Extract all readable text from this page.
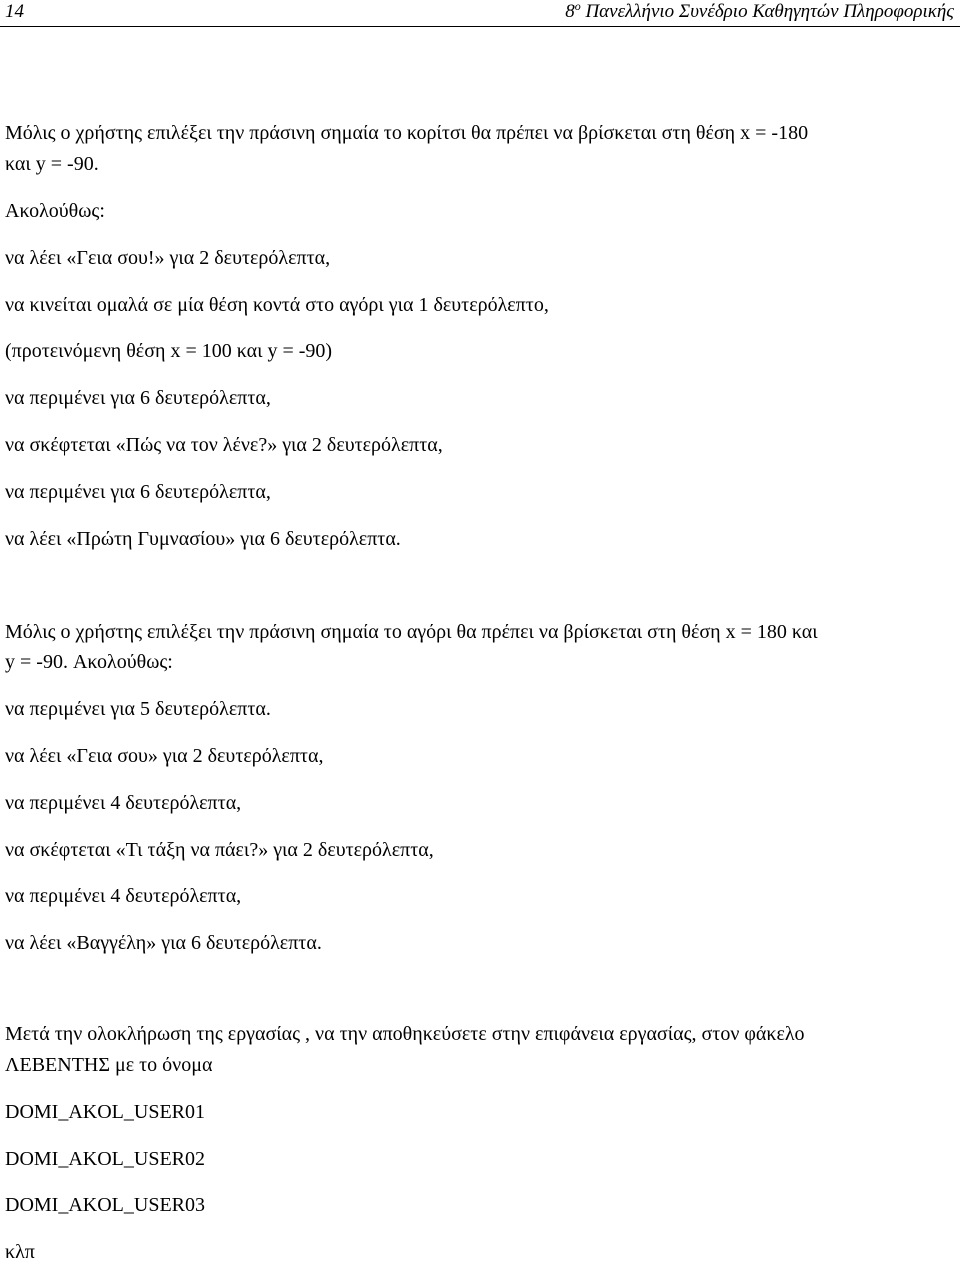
14	$8^o$ Πανελλήνιο Συνέδριο Καθηγητών Πληροφορικής
Μόλις ο χρήστης επιλέξει την πράσινη σημαία το κορίτσι θα πρέπει να βρίσκεται στη θέση x = -180
και y = -90.
Ακολούθως:
να λέει «Γεια σου!» για 2 δευτερόλεπτα,
να κινείται ομαλά σε μία θέση κοντά στο αγόρι για 1 δευτερόλεπτο,
(προτεινόμενη θέση x = 100 και y = -90)
να περιμένει για 6 δευτερόλεπτα,
να σκέφτεται «Πώς να τον λένε?» για 2 δευτερόλεπτα,
να περιμένει για 6 δευτερόλεπτα,
να λέει «Πρώτη Γυμνασίου» για 6 δευτερόλεπτα.
Μόλις ο χρήστης επιλέξει την πράσινη σημαία το αγόρι θα πρέπει να βρίσκεται στη θέση x = 180 και
y = -90. Ακολούθως:
να περιμένει για 5 δευτερόλεπτα.
να λέει «Γεια σου» για 2 δευτερόλεπτα,
να περιμένει 4 δευτερόλεπτα,
να σκέφτεται «Τι τάξη να πάει?» για 2 δευτερόλεπτα,
να περιμένει 4 δευτερόλεπτα,
να λέει «Βαγγέλη» για 6 δευτερόλεπτα.
Μετά την ολοκλήρωση της εργασίας , να την αποθηκεύσετε στην επιφάνεια εργασίας, στον φάκελο
ΛΕΒΕΝΤΗΣ με το όνομα
DOMI_AKOL_USER01
DOMI_AKOL_USER02
DOMI_AKOL_USER03
κλπ
